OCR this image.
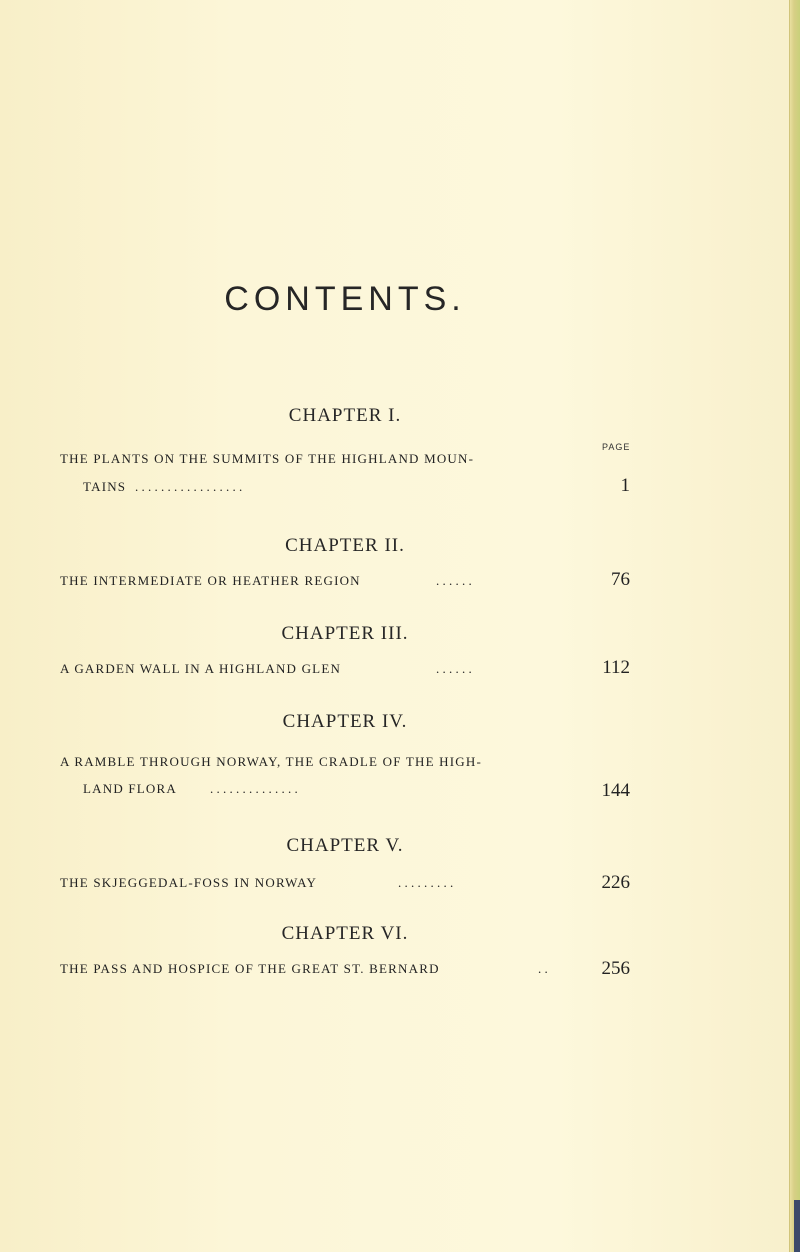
CONTENTS.
PAGE
CHAPTER I.
THE PLANTS ON THE SUMMITS OF THE HIGHLAND MOUN-
TAINS . . . . . . . . . . . . . . . . .	1
CHAPTER II.
THE INTERMEDIATE OR HEATHER REGION	. . . . . .	76
CHAPTER III.
A GARDEN WALL IN A HIGHLAND GLEN	. . . . . .	112
CHAPTER IV.
A RAMBLE THROUGH NORWAY, THE CRADLE OF THE HIGH-
LAND FLORA	. . . . . . . . . . . . . .	144
CHAPTER V.
THE SKJEGGEDAL-FOSS IN NORWAY	. . . . . . . . .	226
CHAPTER VI.
THE PASS AND HOSPICE OF THE GREAT ST. BERNARD	. .	256
